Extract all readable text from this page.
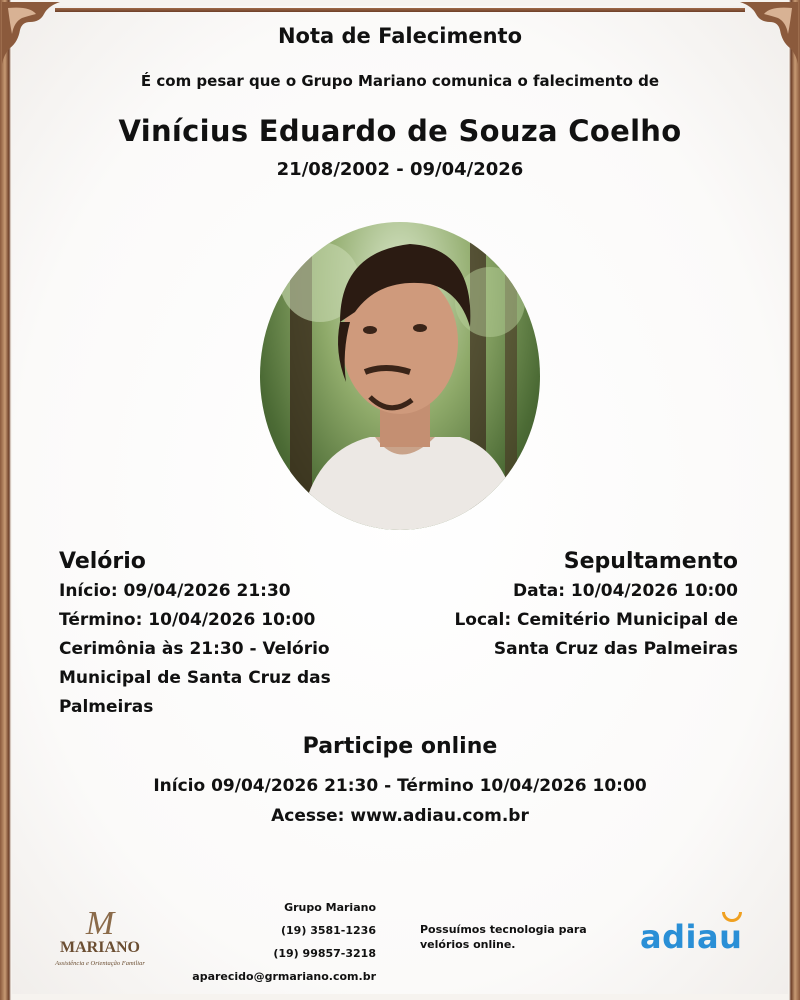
Nota de Falecimento
É com pesar que o Grupo Mariano comunica o falecimento de
Vinícius Eduardo de Souza Coelho
21/08/2002 - 09/04/2026
Velório
Início: 09/04/2026 21:30
Término: 10/04/2026 10:00
Cerimônia às 21:30 - Velório
Municipal de Santa Cruz das
Palmeiras
Sepultamento
Data: 10/04/2026 10:00
Local: Cemitério Municipal de
Santa Cruz das Palmeiras
Participe online
Início 09/04/2026 21:30 - Término 10/04/2026 10:00
Acesse: www.adiau.com.br
M
MARIANO
Assistência e Orientação Familiar
Grupo Mariano
(19) 3581-1236
(19) 99857-3218
aparecido@grmariano.com.br
Possuímos tecnologia para
velórios online.	adiau
